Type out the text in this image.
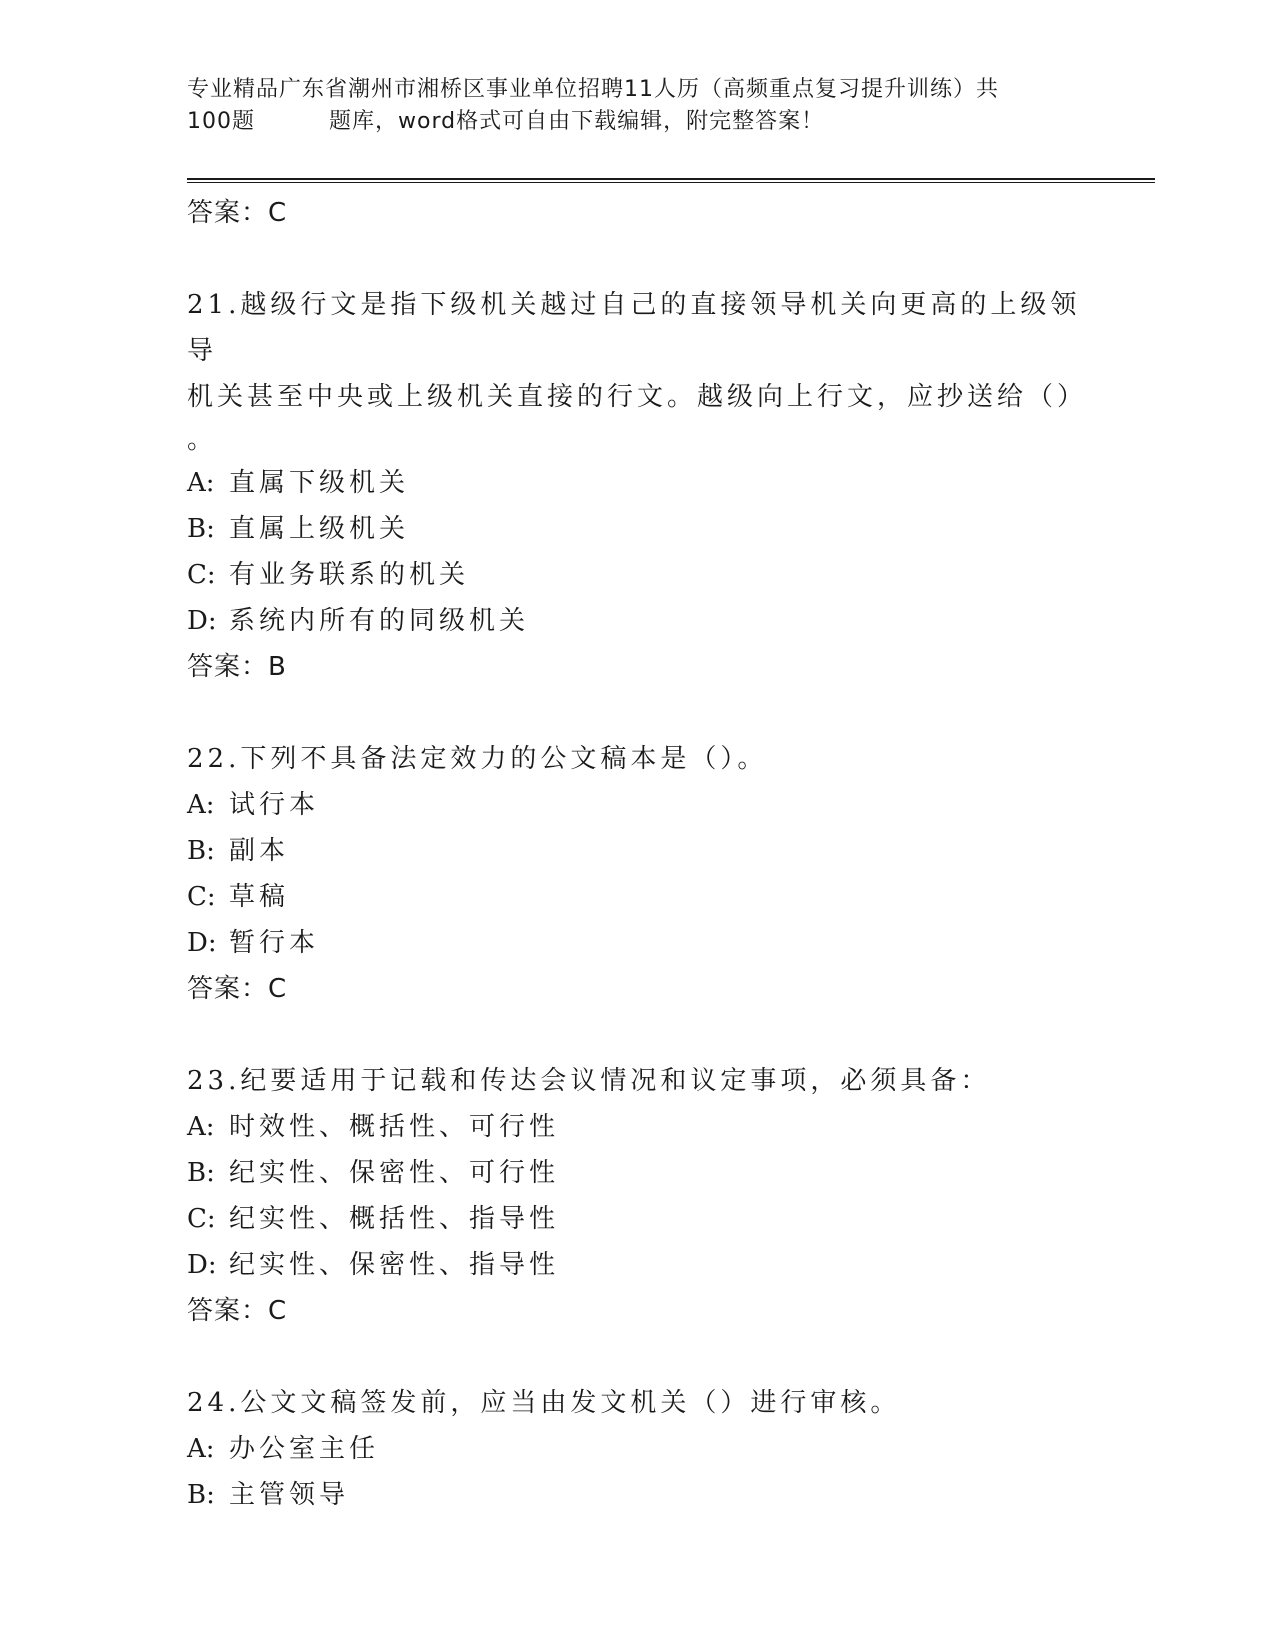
专业精品广东省潮州市湘桥区事业单位招聘11人历（高频重点复习提升训练）共
100题	题库，word格式可自由下载编辑，附完整答案！
答案：C
21.越级行文是指下级机关越过自己的直接领导机关向更高的上级领导
机关甚至中央或上级机关直接的行文。越级向上行文，应抄送给（）
。
A: 直属下级机关
B: 直属上级机关
C: 有业务联系的机关
D: 系统内所有的同级机关
答案：B
22.下列不具备法定效力的公文稿本是（）。
A: 试行本
B: 副本
C: 草稿
D: 暂行本
答案：C
23.纪要适用于记载和传达会议情况和议定事项，必须具备：
A: 时效性、概括性、可行性
B: 纪实性、保密性、可行性
C: 纪实性、概括性、指导性
D: 纪实性、保密性、指导性
答案：C
24.公文文稿签发前，应当由发文机关（）进行审核。
A: 办公室主任
B: 主管领导
